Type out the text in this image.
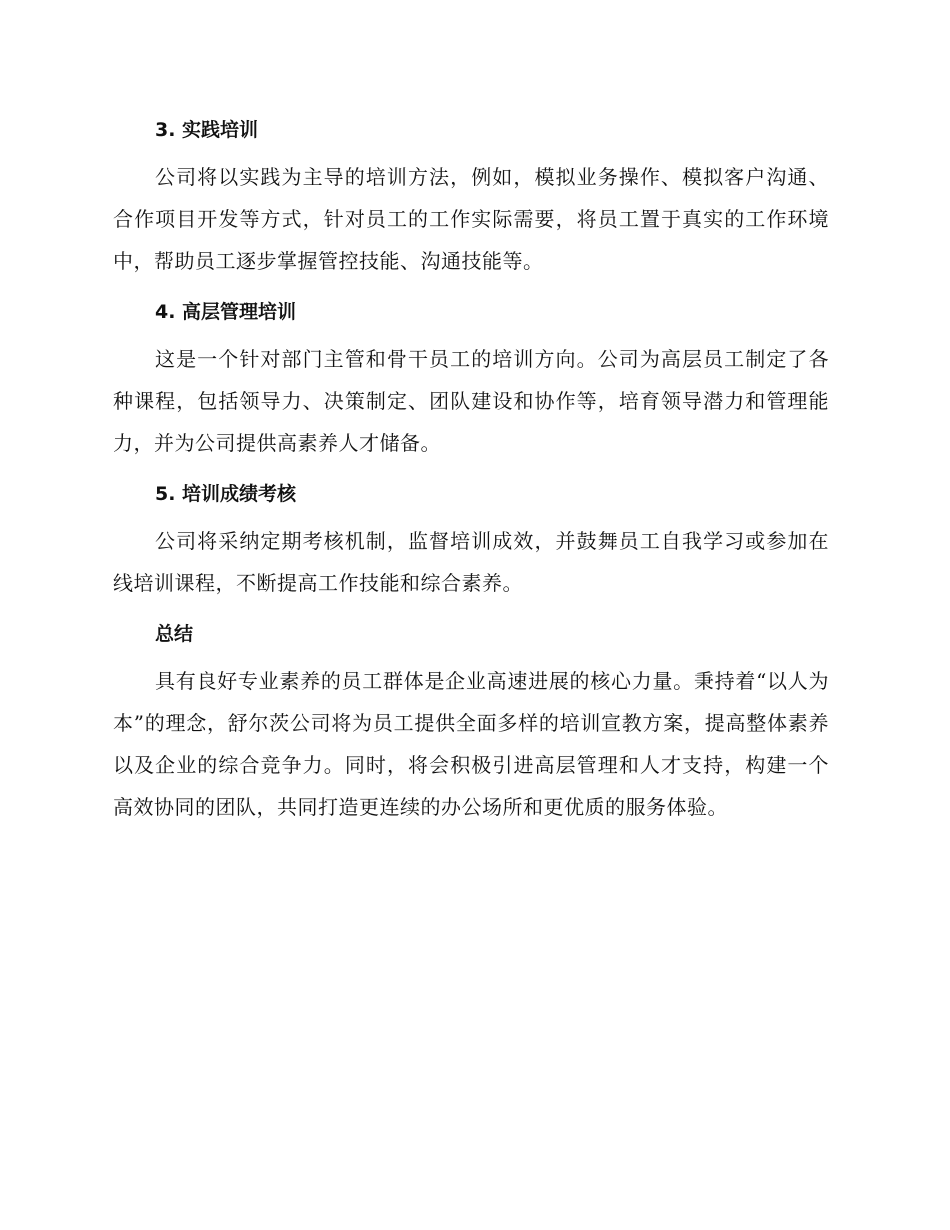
3. 实践培训

公司将以实践为主导的培训方法，例如，模拟业务操作、模拟客户沟通、合作项目开发等方式，针对员工的工作实际需要，将员工置于真实的工作环境中，帮助员工逐步掌握管控技能、沟通技能等。

4. 高层管理培训

这是一个针对部门主管和骨干员工的培训方向。公司为高层员工制定了各种课程，包括领导力、决策制定、团队建设和协作等，培育领导潜力和管理能力，并为公司提供高素养人才储备。

5. 培训成绩考核

公司将采纳定期考核机制，监督培训成效，并鼓舞员工自我学习或参加在线培训课程，不断提高工作技能和综合素养。

总结

具有良好专业素养的员工群体是企业高速进展的核心力量。秉持着“以人为本”的理念，舒尔茨公司将为员工提供全面多样的培训宣教方案，提高整体素养以及企业的综合竞争力。同时，将会积极引进高层管理和人才支持，构建一个高效协同的团队，共同打造更连续的办公场所和更优质的服务体验。
